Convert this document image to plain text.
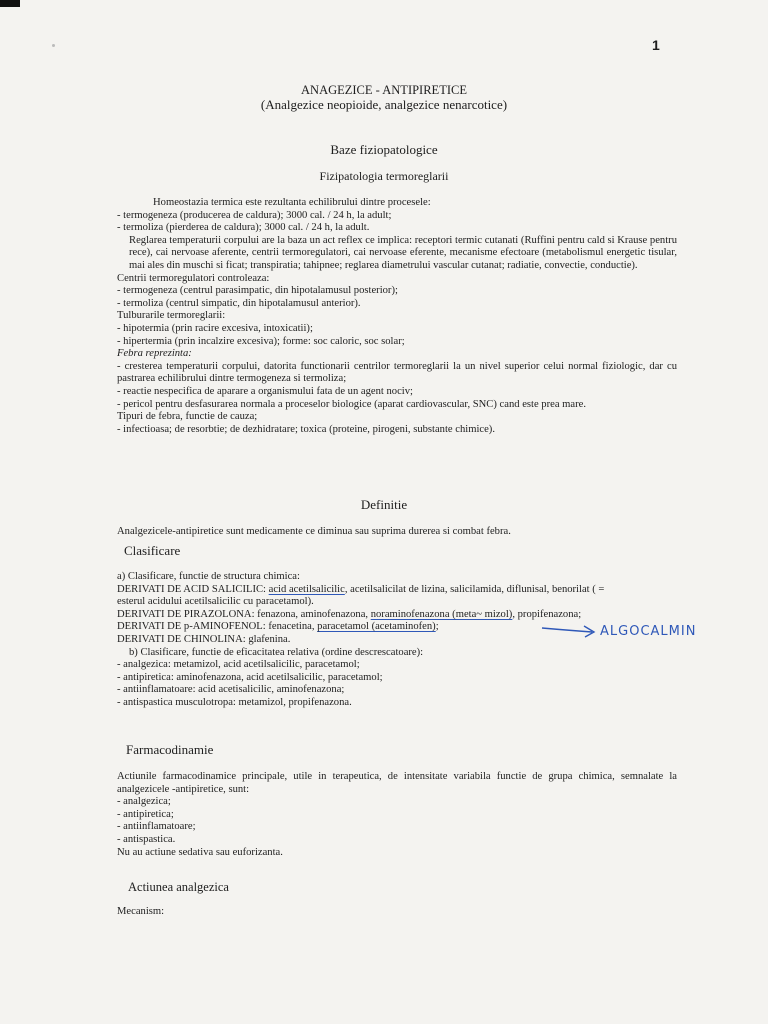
1
ANAGEZICE - ANTIPIRETICE
(Analgezice neopioide, analgezice nenarcotice)
Baze fiziopatologice
Fizipatologia termoreglarii
Homeostazia termica este rezultanta echilibrului dintre procesele:
- termogeneza (producerea de caldura); 3000 cal. / 24 h, la adult;
- termoliza (pierderea de caldura); 3000 cal. / 24 h, la adult.
Reglarea temperaturii corpului are la baza un act reflex ce implica: receptori termic cutanati (Ruffini pentru cald si Krause pentru rece), cai nervoase aferente, centrii termoregulatori, cai nervoase eferente, mecanisme efectoare (metabolismul energetic tisular, mai ales din muschi si ficat; transpiratia; tahipnee; reglarea diametrului vascular cutanat; radiatie, convectie, conductie).
Centrii termoregulatori controleaza:
- termogeneza (centrul parasimpatic, din hipotalamusul posterior);
- termoliza (centrul simpatic, din hipotalamusul anterior).
Tulburarile termoreglarii:
- hipotermia (prin racire excesiva, intoxicatii);
- hipertermia (prin incalzire excesiva); forme: soc caloric, soc solar;
Febra reprezinta:
- cresterea temperaturii corpului, datorita functionarii centrilor termoreglarii la un nivel superior celui normal fiziologic, dar cu pastrarea echilibrului dintre termogeneza si termoliza;
- reactie nespecifica de aparare a organismului fata de un agent nociv;
- pericol pentru desfasurarea normala a proceselor biologice (aparat cardiovascular, SNC) cand este prea mare.
Tipuri de febra, functie de cauza;
- infectioasa; de resorbtie; de dezhidratare; toxica (proteine, pirogeni, substante chimice).
Definitie
Analgezicele-antipiretice sunt medicamente ce diminua sau suprima durerea si combat febra.
Clasificare
a) Clasificare, functie de structura chimica:
DERIVATI DE ACID SALICILIC: acid acetilsalicilic, acetilsalicilat de lizina, salicilamida, diflunisal, benorilat ( =
esterul acidului acetilsalicilic cu paracetamol).
DERIVATI DE PIRAZOLONA: fenazona, aminofenazona, noraminofenazona (meta~ mizol), propifenazona;
DERIVATI DE p-AMINOFENOL: fenacetina, paracetamol (acetaminofen);
DERIVATI DE CHINOLINA: glafenina.
b) Clasificare, functie de eficacitatea relativa (ordine descrescatoare):
- analgezica: metamizol, acid acetilsalicilic, paracetamol;
- antipiretica: aminofenazona, acid acetilsalicilic, paracetamol;
- antiinflamatoare: acid acetisalicilic, aminofenazona;
- antispastica musculotropa: metamizol, propifenazona.
ALGOCALMIN
Farmacodinamie
Actiunile farmacodinamice principale, utile in terapeutica, de intensitate variabila functie de grupa chimica, semnalate la analgezicele -antipiretice, sunt:
- analgezica;
- antipiretica;
- antiinflamatoare;
- antispastica.
Nu au actiune sedativa sau euforizanta.
Actiunea analgezica
Mecanism:
